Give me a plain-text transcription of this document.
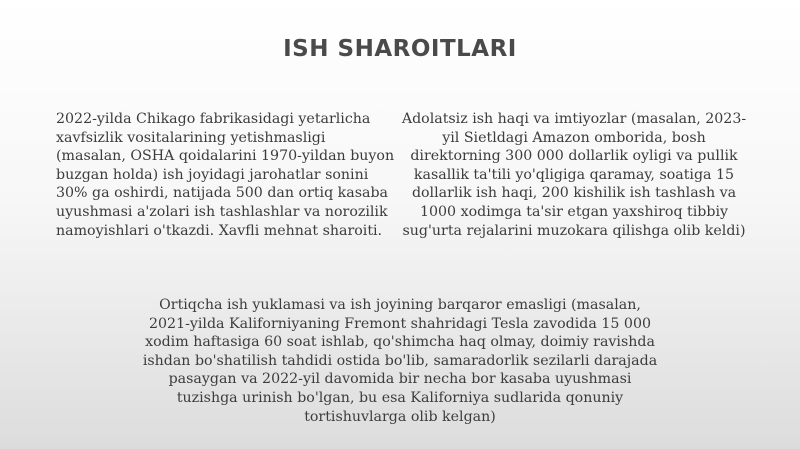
ISH SHAROITLARI

2022-yilda Chikago fabrikasidagi yetarlicha xavfsizlik vositalarining yetishmasligi (masalan, OSHA qoidalarini 1970-yildan buyon buzgan holda) ish joyidagi jarohatlar sonini 30% ga oshirdi, natijada 500 dan ortiq kasaba uyushmasi a'zolari ish tashlashlar va norozilik namoyishlari o'tkazdi. Xavfli mehnat sharoiti.

Adolatsiz ish haqi va imtiyozlar (masalan, 2023-yil Sietldagi Amazon omborida, bosh direktorning 300 000 dollarlik oyligi va pullik kasallik ta'tili yo'qligiga qaramay, soatiga 15 dollarlik ish haqi, 200 kishilik ish tashlash va 1000 xodimga ta'sir etgan yaxshiroq tibbiy sug'urta rejalarini muzokara qilishga olib keldi)

Ortiqcha ish yuklamasi va ish joyining barqaror emasligi (masalan, 2021-yilda Kaliforniyaning Fremont shahridagi Tesla zavodida 15 000 xodim haftasiga 60 soat ishlab, qo'shimcha haq olmay, doimiy ravishda ishdan bo'shatilish tahdidi ostida bo'lib, samaradorlik sezilarli darajada pasaygan va 2022-yil davomida bir necha bor kasaba uyushmasi tuzishga urinish bo'lgan, bu esa Kaliforniya sudlarida qonuniy tortishuvlarga olib kelgan)
